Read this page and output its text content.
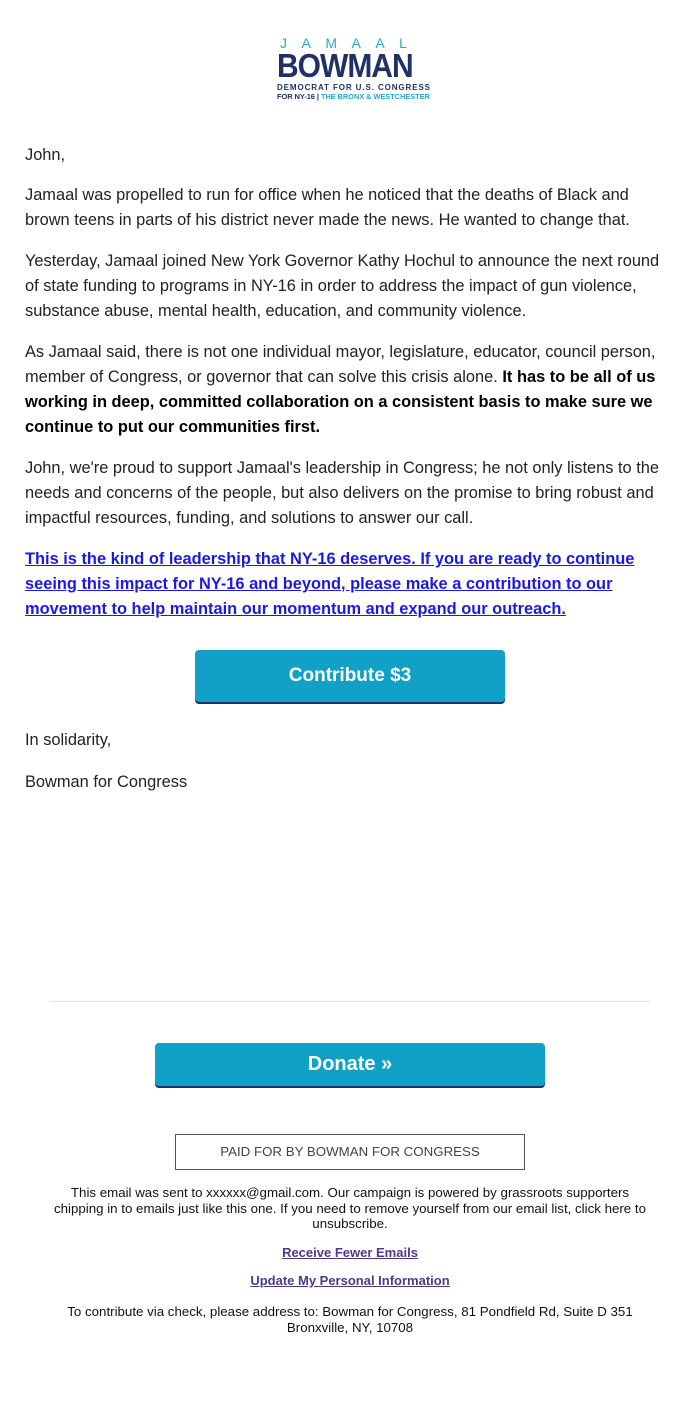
JAMAAL
BOWMAN
DEMOCRAT FOR U.S. CONGRESS
FOR NY-16 | THE BRONX & WESTCHESTER

John,

Jamaal was propelled to run for office when he noticed that the deaths of Black and brown teens in parts of his district never made the news. He wanted to change that.

Yesterday, Jamaal joined New York Governor Kathy Hochul to announce the next round of state funding to programs in NY-16 in order to address the impact of gun violence, substance abuse, mental health, education, and community violence.

As Jamaal said, there is not one individual mayor, legislature, educator, council person, member of Congress, or governor that can solve this crisis alone. It has to be all of us working in deep, committed collaboration on a consistent basis to make sure we continue to put our communities first.

John, we're proud to support Jamaal's leadership in Congress; he not only listens to the needs and concerns of the people, but also delivers on the promise to bring robust and impactful resources, funding, and solutions to answer our call.

This is the kind of leadership that NY-16 deserves. If you are ready to continue seeing this impact for NY-16 and beyond, please make a contribution to our movement to help maintain our momentum and expand our outreach.

Contribute $3

In solidarity,

Bowman for Congress

Donate »
PAID FOR BY BOWMAN FOR CONGRESS
This email was sent to xxxxxx@gmail.com. Our campaign is powered by grassroots supporters chipping in to emails just like this one. If you need to remove yourself from our email list, click here to unsubscribe.
Receive Fewer Emails
Update My Personal Information
To contribute via check, please address to: Bowman for Congress, 81 Pondfield Rd, Suite D 351 Bronxville, NY, 10708
